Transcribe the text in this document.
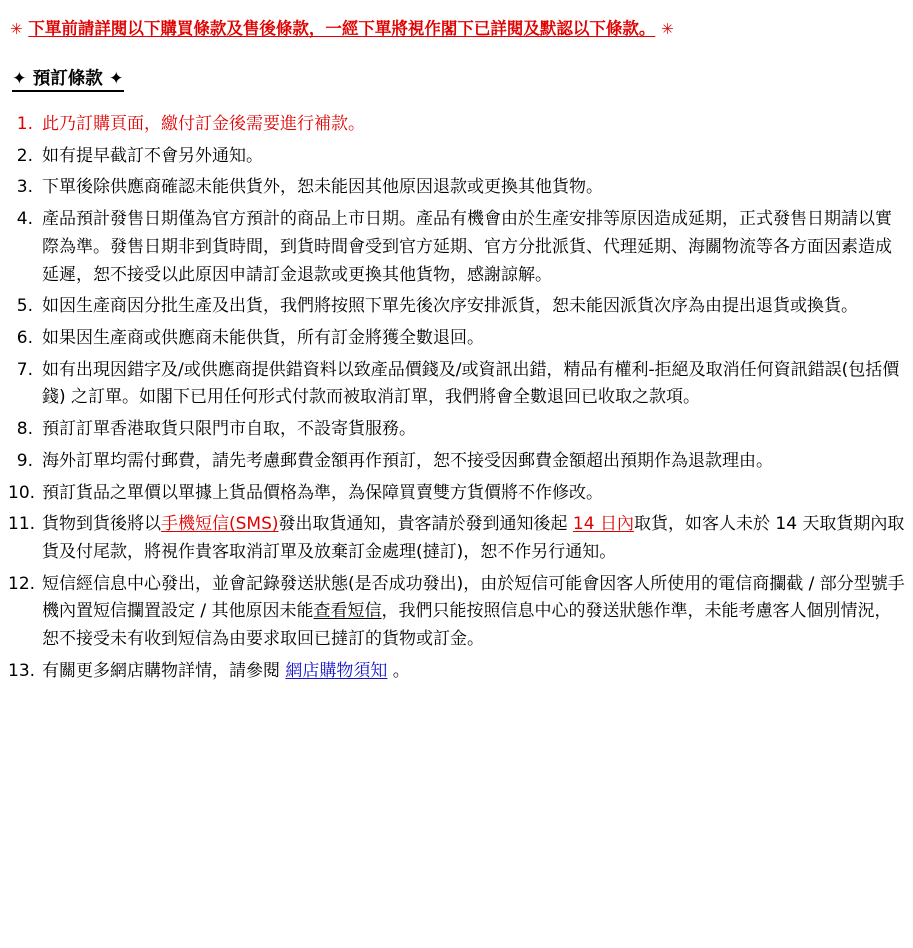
✳ 下單前請詳閱以下購買條款及售後條款，一經下單將視作閣下已詳閱及默認以下條款。 ✳
✦ 預訂條款 ✦
1. 此乃訂購頁面，繳付訂金後需要進行補款。
2. 如有提早截訂不會另外通知。
3. 下單後除供應商確認未能供貨外，恕未能因其他原因退款或更換其他貨物。
4. 產品預計發售日期僅為官方預計的商品上市日期。產品有機會由於生產安排等原因造成延期，正式發售日期請以實際為準。發售日期非到貨時間，到貨時間會受到官方延期、官方分批派貨、代理延期、海關物流等各方面因素造成延遲，恕不接受以此原因申請訂金退款或更換其他貨物，感謝諒解。
5. 如因生產商因分批生產及出貨，我們將按照下單先後次序安排派貨，恕未能因派貨次序為由提出退貨或換貨。
6. 如果因生產商或供應商未能供貨，所有訂金將獲全數退回。
7. 如有出現因錯字及/或供應商提供錯資料以致產品價錢及/或資訊出錯，精品有權利-拒絕及取消任何資訊錯誤(包括價錢) 之訂單。如閣下已用任何形式付款而被取消訂單，我們將會全數退回已收取之款項。
8. 預訂訂單香港取貨只限門市自取，不設寄貨服務。
9. 海外訂單均需付郵費，請先考慮郵費金額再作預訂，恕不接受因郵費金額超出預期作為退款理由。
10. 預訂貨品之單價以單據上貨品價格為準，為保障買賣雙方貨價將不作修改。
11. 貨物到貨後將以手機短信(SMS)發出取貨通知，貴客請於發到通知後起 14 日內取貨，如客人未於 14 天取貨期內取貨及付尾款，將視作貴客取消訂單及放棄訂金處理(撻訂)，恕不作另行通知。
12. 短信經信息中心發出，並會記錄發送狀態(是否成功發出)，由於短信可能會因客人所使用的電信商攔截 / 部分型號手機內置短信攔置設定 / 其他原因未能查看短信，我們只能按照信息中心的發送狀態作準，未能考慮客人個別情況，恕不接受未有收到短信為由要求取回已撻訂的貨物或訂金。
13. 有關更多網店購物詳情，請參閱 網店購物須知 。
